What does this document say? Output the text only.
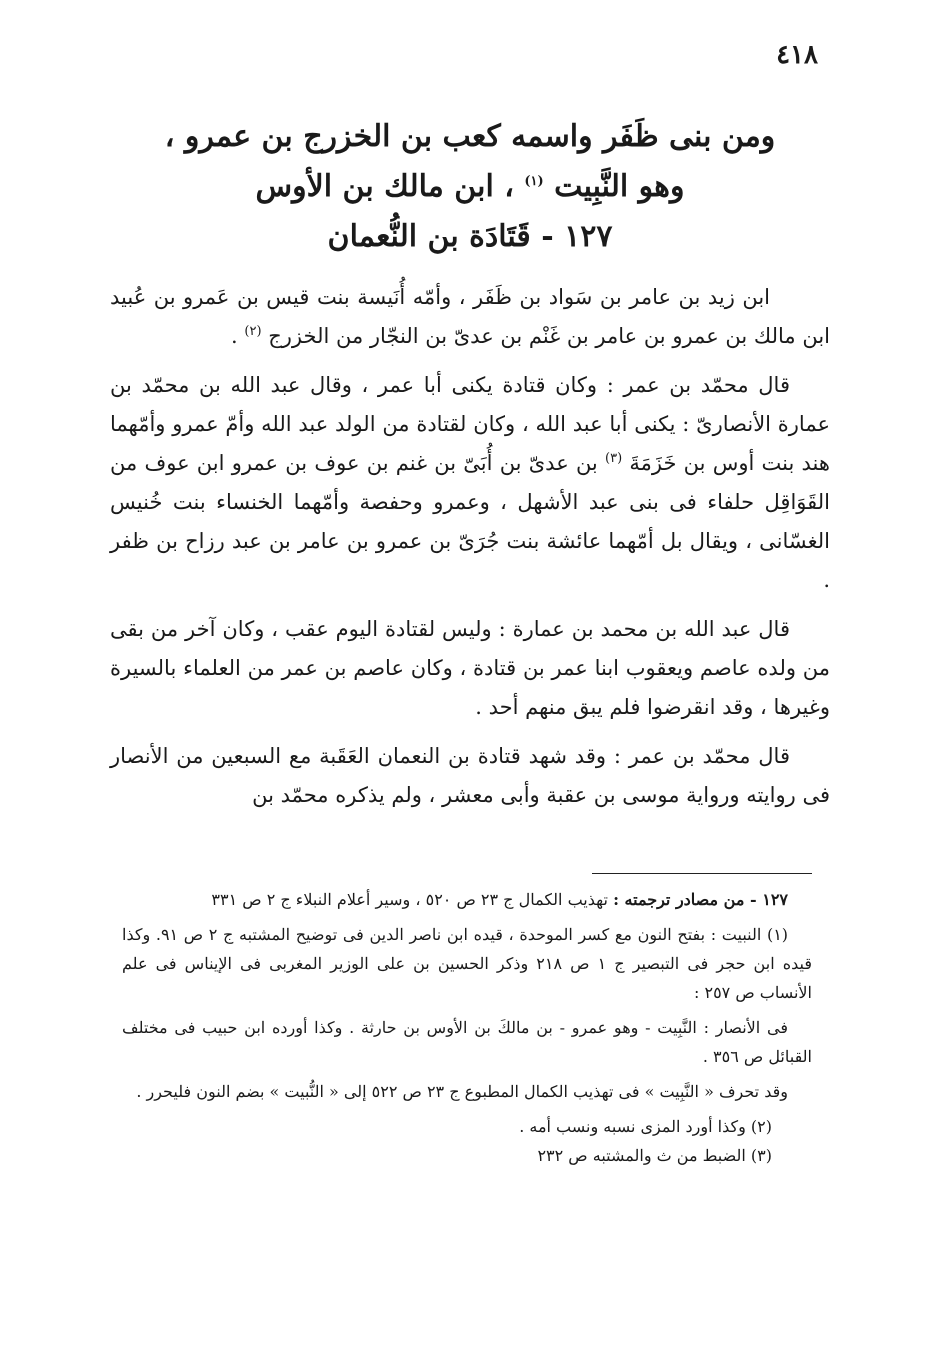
٤١٨
ومن بنى ظَفَر واسمه كعب بن الخزرج بن عمرو ،
وهو النَّبِيت $^{(١)}$ ، ابن مالك بن الأوس
١٢٧ - قَتَادَة بن النُّعمان

ابن زيد بن عامر بن سَواد بن ظَفَر ، وأمّه أُنَيسة بنت قيس بن عَمرو بن عُبيد ابن مالك بن عمرو بن عامر بن غَنْم بن عدىّ بن النجّار من الخزرج $^{(٢)}$ .

قال محمّد بن عمر : وكان قتادة يكنى أبا عمر ، وقال عبد الله بن محمّد بن عمارة الأنصارىّ : يكنى أبا عبد الله ، وكان لقتادة من الولد عبد الله وأمّ عمرو وأمّهما هند بنت أوس بن خَزَمَةَ $^{(٣)}$ بن عدىّ بن أُبَىّ بن غنم بن عوف بن عمرو ابن عوف من القَوَاقِل حلفاء فى بنى عبد الأشهل ، وعمرو وحفصة وأمّهما الخنساء بنت خُنيس الغسّانى ، ويقال بل أمّهما عائشة بنت جُرَىّ بن عمرو بن عامر بن عبد رزاح بن ظفر .

قال عبد الله بن محمد بن عمارة : وليس لقتادة اليوم عقب ، وكان آخر من بقى من ولده عاصم ويعقوب ابنا عمر بن قتادة ، وكان عاصم بن عمر من العلماء بالسيرة وغيرها ، وقد انقرضوا فلم يبق منهم أحد .

قال محمّد بن عمر : وقد شهد قتادة بن النعمان العَقَبة مع السبعين من الأنصار فى روايته ورواية موسى بن عقبة وأبى معشر ، ولم يذكره محمّد بن

١٢٧ - من مصادر ترجمته : تهذيب الكمال ج ٢٣ ص ٥٢٠ ، وسير أعلام النبلاء ج ٢ ص ٣٣١

(١) النبيت : بفتح النون مع كسر الموحدة ، قيده ابن ناصر الدين فى توضيح المشتبه ج ٢ ص ٩١. وكذا قيده ابن حجر فى التبصير ج ١ ص ٢١٨ وذكر الحسين بن على الوزير المغربى فى الإيناس فى علم الأنساب ص ٢٥٧ :

فى الأنصار : النَّبِيت - وهو عمرو - بن مالكَ بن الأوس بن حارثة . وكذا أورده ابن حبيب فى مختلف القبائل ص ٣٥٦ .

وقد تحرف « النَّبِيت » فى تهذيب الكمال المطبوع ج ٢٣ ص ٥٢٢ إلى « النُّبيت » بضم النون فليحرر .

(٢) وكذا أورد المزى نسبه ونسب أمه .

(٣) الضبط من ث والمشتبه ص ٢٣٢
